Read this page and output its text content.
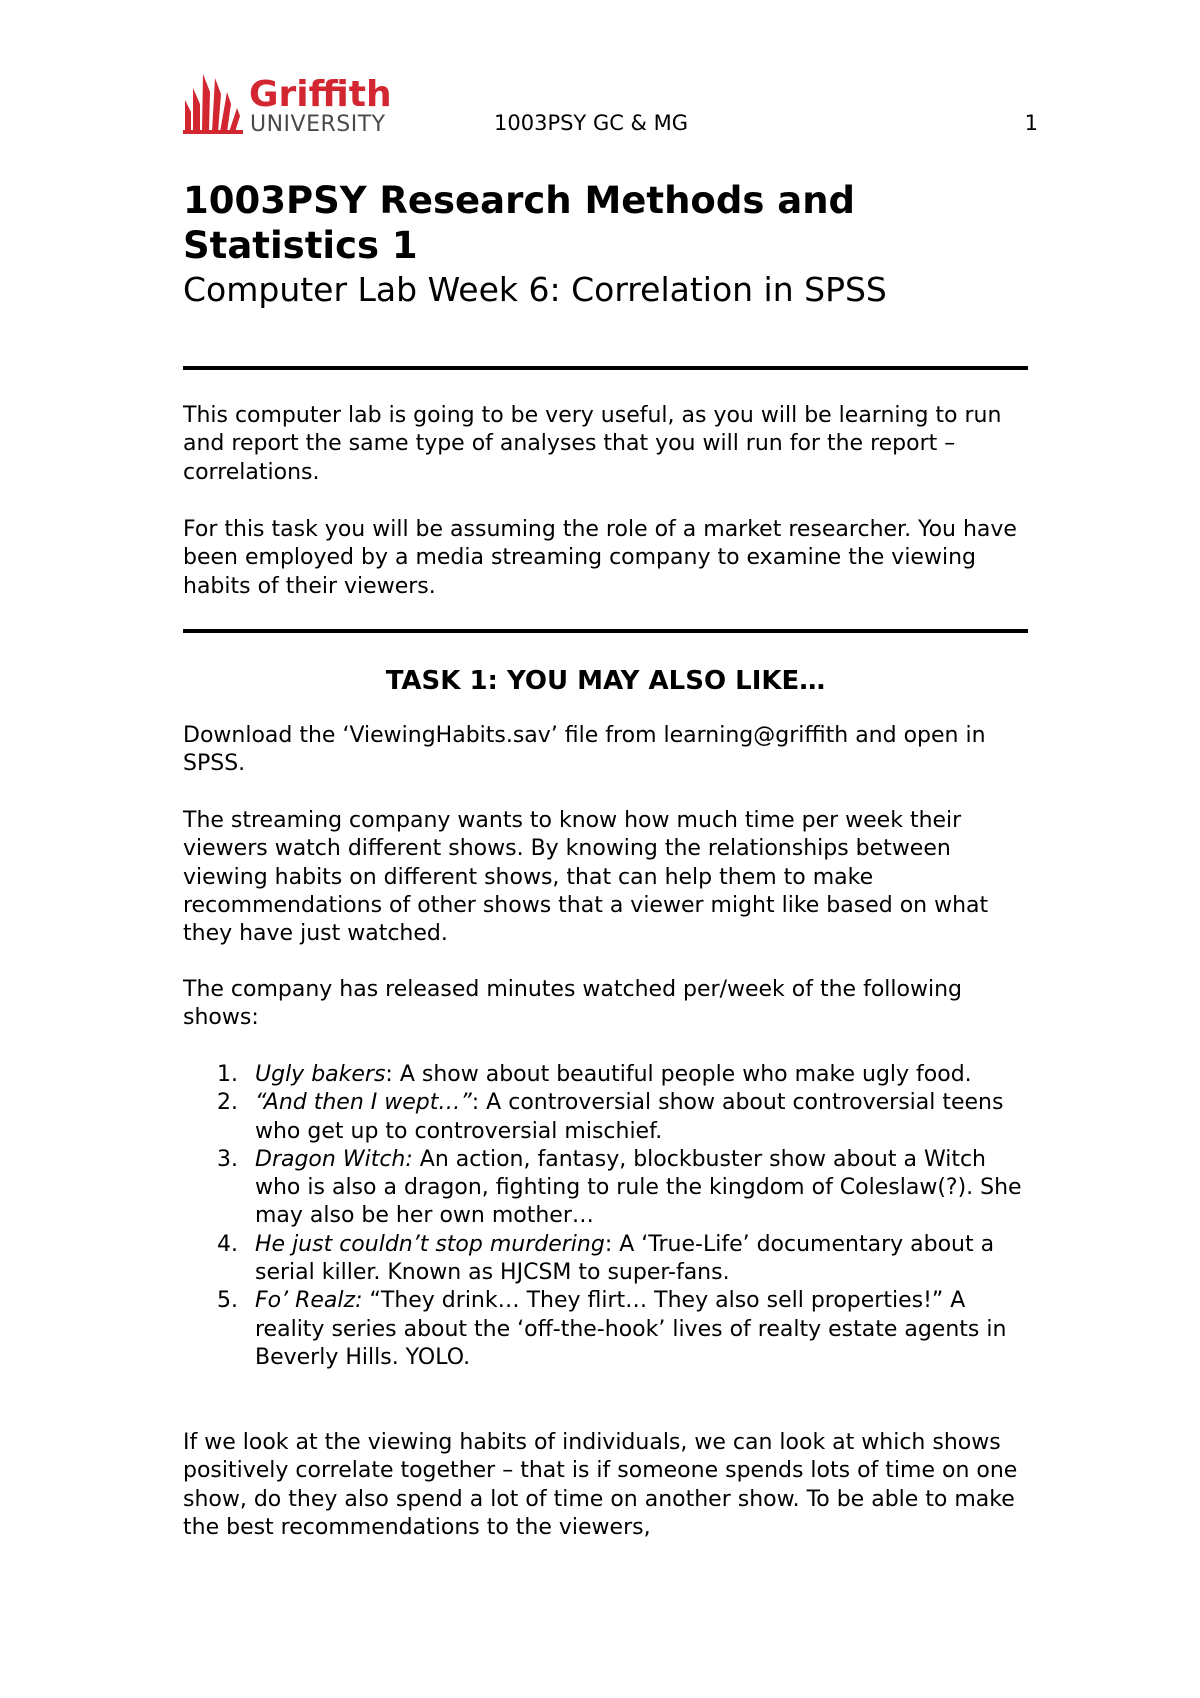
Griffith
UNIVERSITY	1003PSY GC & MG	1
1003PSY Research Methods and Statistics 1
Computer Lab Week 6: Correlation in SPSS

This computer lab is going to be very useful, as you will be learning to run and report the same type of analyses that you will run for the report – correlations.

For this task you will be assuming the role of a market researcher. You have been employed by a media streaming company to examine the viewing habits of their viewers.

TASK 1: YOU MAY ALSO LIKE…

Download the ‘ViewingHabits.sav’ file from learning@griffith and open in SPSS.

The streaming company wants to know how much time per week their viewers watch different shows. By knowing the relationships between viewing habits on different shows, that can help them to make recommendations of other shows that a viewer might like based on what they have just watched.

The company has released minutes watched per/week of the following shows:

1. Ugly bakers: A show about beautiful people who make ugly food.
2. “And then I wept…”: A controversial show about controversial teens who get up to controversial mischief.
3. Dragon Witch: An action, fantasy, blockbuster show about a Witch who is also a dragon, fighting to rule the kingdom of Coleslaw(?). She may also be her own mother…
4. He just couldn’t stop murdering: A ‘True-Life’ documentary about a serial killer. Known as HJCSM to super-fans.
5. Fo’ Realz: “They drink… They flirt… They also sell properties!” A reality series about the ‘off-the-hook’ lives of realty estate agents in Beverly Hills. YOLO.

If we look at the viewing habits of individuals, we can look at which shows positively correlate together – that is if someone spends lots of time on one show, do they also spend a lot of time on another show. To be able to make the best recommendations to the viewers,
